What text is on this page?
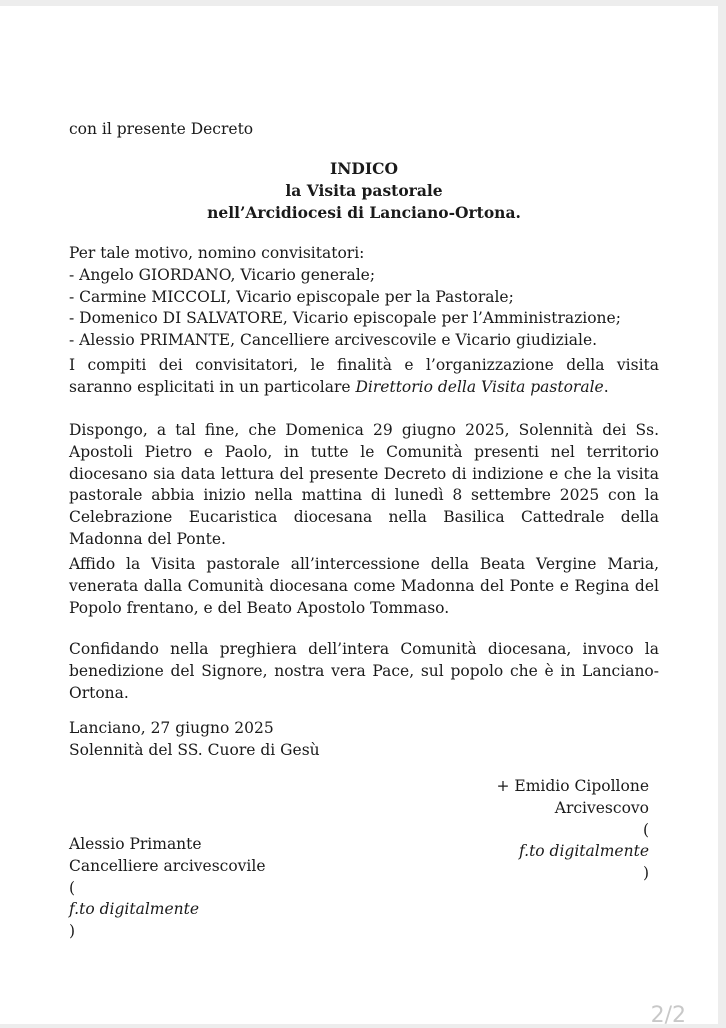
con il presente Decreto
INDICO
la Visita pastorale
nell’Arcidiocesi di Lanciano-Ortona.
Per tale motivo, nomino convisitatori:
- Angelo GIORDANO, Vicario generale;
- Carmine MICCOLI, Vicario episcopale per la Pastorale;
- Domenico DI SALVATORE, Vicario episcopale per l’Amministrazione;
- Alessio PRIMANTE, Cancelliere arcivescovile e Vicario giudiziale.
I compiti dei convisitatori, le finalità e l’organizzazione della visita saranno esplicitati in un particolare Direttorio della Visita pastorale.
Dispongo, a tal fine, che Domenica 29 giugno 2025, Solennità dei Ss. Apostoli Pietro e Paolo, in tutte le Comunità presenti nel territorio diocesano sia data lettura del presente Decreto di indizione e che la visita pastorale abbia inizio nella mattina di lunedì 8 settembre 2025 con la Celebrazione Eucaristica diocesana nella Basilica Cattedrale della Madonna del Ponte.
Affido la Visita pastorale all’intercessione della Beata Vergine Maria, venerata dalla Comunità diocesana come Madonna del Ponte e Regina del Popolo frentano, e del Beato Apostolo Tommaso.
Confidando nella preghiera dell’intera Comunità diocesana, invoco la benedizione del Signore, nostra vera Pace, sul popolo che è in Lanciano-Ortona.
Lanciano, 27 giugno 2025
Solennità del SS. Cuore di Gesù
+ Emidio Cipollone
Arcivescovo
(
f.to digitalmente
)
Alessio Primante
Cancelliere arcivescovile
(
f.to digitalmente
)
2/2
